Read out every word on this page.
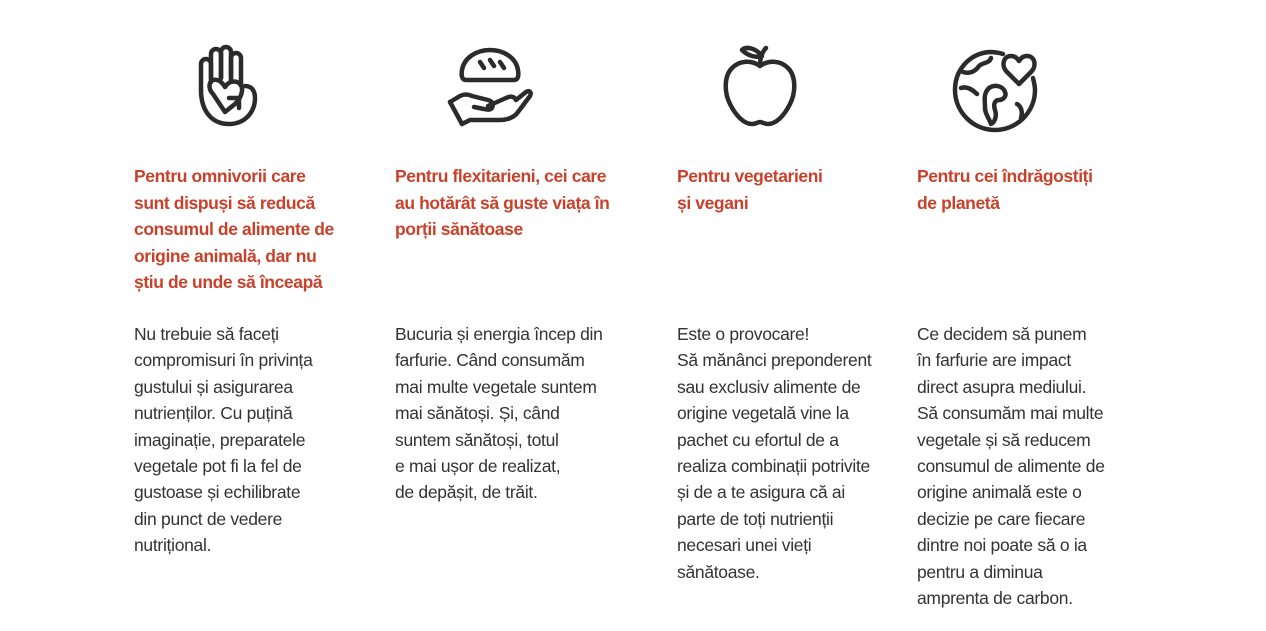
Pentru omnivorii care
sunt dispuși să reducă
consumul de alimente de
origine animală, dar nu
știu de unde să înceapă

Nu trebuie să faceți
compromisuri în privința
gustului și asigurarea
nutrienților. Cu puțină
imaginație, preparatele
vegetale pot fi la fel de
gustoase și echilibrate
din punct de vedere
nutrițional.

Pentru flexitarieni, cei care
au hotărât să guste viața în
porții sănătoase

Bucuria și energia încep din
farfurie. Când consumăm
mai multe vegetale suntem
mai sănătoși. Și, când
suntem sănătoși, totul
e mai ușor de realizat,
de depășit, de trăit.

Pentru vegetarieni
și vegani

Este o provocare!
Să mănânci preponderent
sau exclusiv alimente de
origine vegetală vine la
pachet cu efortul de a
realiza combinații potrivite
și de a te asigura că ai
parte de toți nutrienții
necesari unei vieți
sănătoase.

Pentru cei îndrăgostiți
de planetă

Ce decidem să punem
în farfurie are impact
direct asupra mediului.
Să consumăm mai multe
vegetale și să reducem
consumul de alimente de
origine animală este o
decizie pe care fiecare
dintre noi poate să o ia
pentru a diminua
amprenta de carbon.
